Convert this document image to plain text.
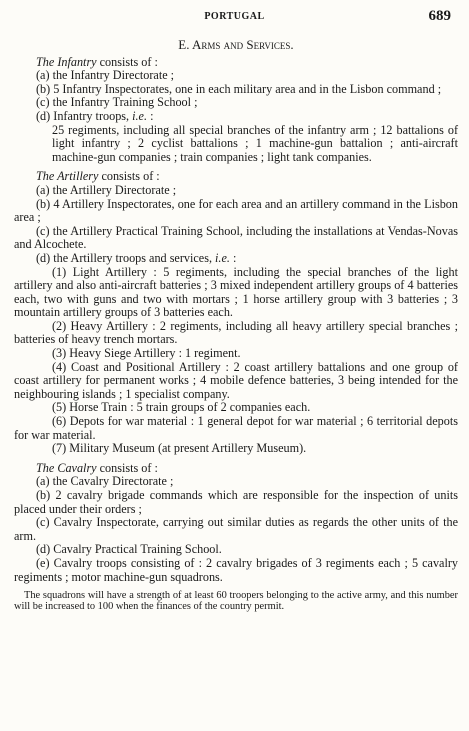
PORTUGAL	689
E. Arms and Services.

The Infantry consists of :

(a) the Infantry Directorate ;

(b) 5 Infantry Inspectorates, one in each military area and in the Lisbon command ;

(c) the Infantry Training School ;

(d) Infantry troops, i.e. :

25 regiments, including all special branches of the infantry arm ; 12 battalions of light infantry ; 2 cyclist battalions ; 1 machine-gun battalion ; anti-aircraft machine-gun companies ; train companies ; light tank companies.

The Artillery consists of :

(a) the Artillery Directorate ;

(b) 4 Artillery Inspectorates, one for each area and an artillery command in the Lisbon area ;

(c) the Artillery Practical Training School, including the installations at Vendas-Novas and Alcochete.

(d) the Artillery troops and services, i.e. :

(1) Light Artillery : 5 regiments, including the special branches of the light artillery and also anti-aircraft batteries ; 3 mixed independent artillery groups of 4 batteries each, two with guns and two with mortars ; 1 horse artillery group with 3 batteries ; 3 mountain artillery groups of 3 batteries each.

(2) Heavy Artillery : 2 regiments, including all heavy artillery special branches ; batteries of heavy trench mortars.

(3) Heavy Siege Artillery : 1 regiment.

(4) Coast and Positional Artillery : 2 coast artillery battalions and one group of coast artillery for permanent works ; 4 mobile defence batteries, 3 being intended for the neighbouring islands ; 1 specialist company.

(5) Horse Train : 5 train groups of 2 companies each.

(6) Depots for war material : 1 general depot for war material ; 6 territorial depots for war material.

(7) Military Museum (at present Artillery Museum).

The Cavalry consists of :

(a) the Cavalry Directorate ;

(b) 2 cavalry brigade commands which are responsible for the inspection of units placed under their orders ;

(c) Cavalry Inspectorate, carrying out similar duties as regards the other units of the arm.

(d) Cavalry Practical Training School.

(e) Cavalry troops consisting of : 2 cavalry brigades of 3 regiments each ; 5 cavalry regiments ; motor machine-gun squadrons.

The squadrons will have a strength of at least 60 troopers belonging to the active army, and this number will be increased to 100 when the finances of the country permit.
